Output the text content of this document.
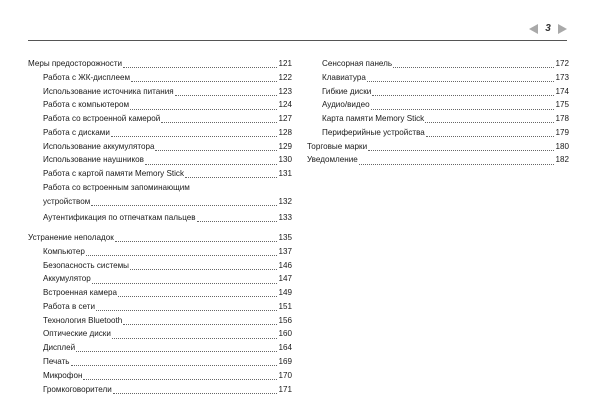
3
Меры предосторожности	121
Работа с ЖК-дисплеем	122
Использование источника питания	123
Работа с компьютером	124
Работа со встроенной камерой	127
Работа с дисками	128
Использование аккумулятора	129
Использование наушников	130
Работа с картой памяти Memory Stick	131
Работа со встроенным запоминающим
устройством	132
Аутентификация по отпечаткам пальцев	133
Устранение неполадок	135
Компьютер	137
Безопасность системы	146
Аккумулятор	147
Встроенная камера	149
Работа в сети	151
Технология Bluetooth	156
Оптические диски	160
Дисплей	164
Печать	169
Микрофон	170
Громкоговорители	171
Сенсорная панель	172
Клавиатура	173
Гибкие диски	174
Аудио/видео	175
Карта памяти Memory Stick	178
Периферийные устройства	179
Торговые марки	180
Уведомление	182
